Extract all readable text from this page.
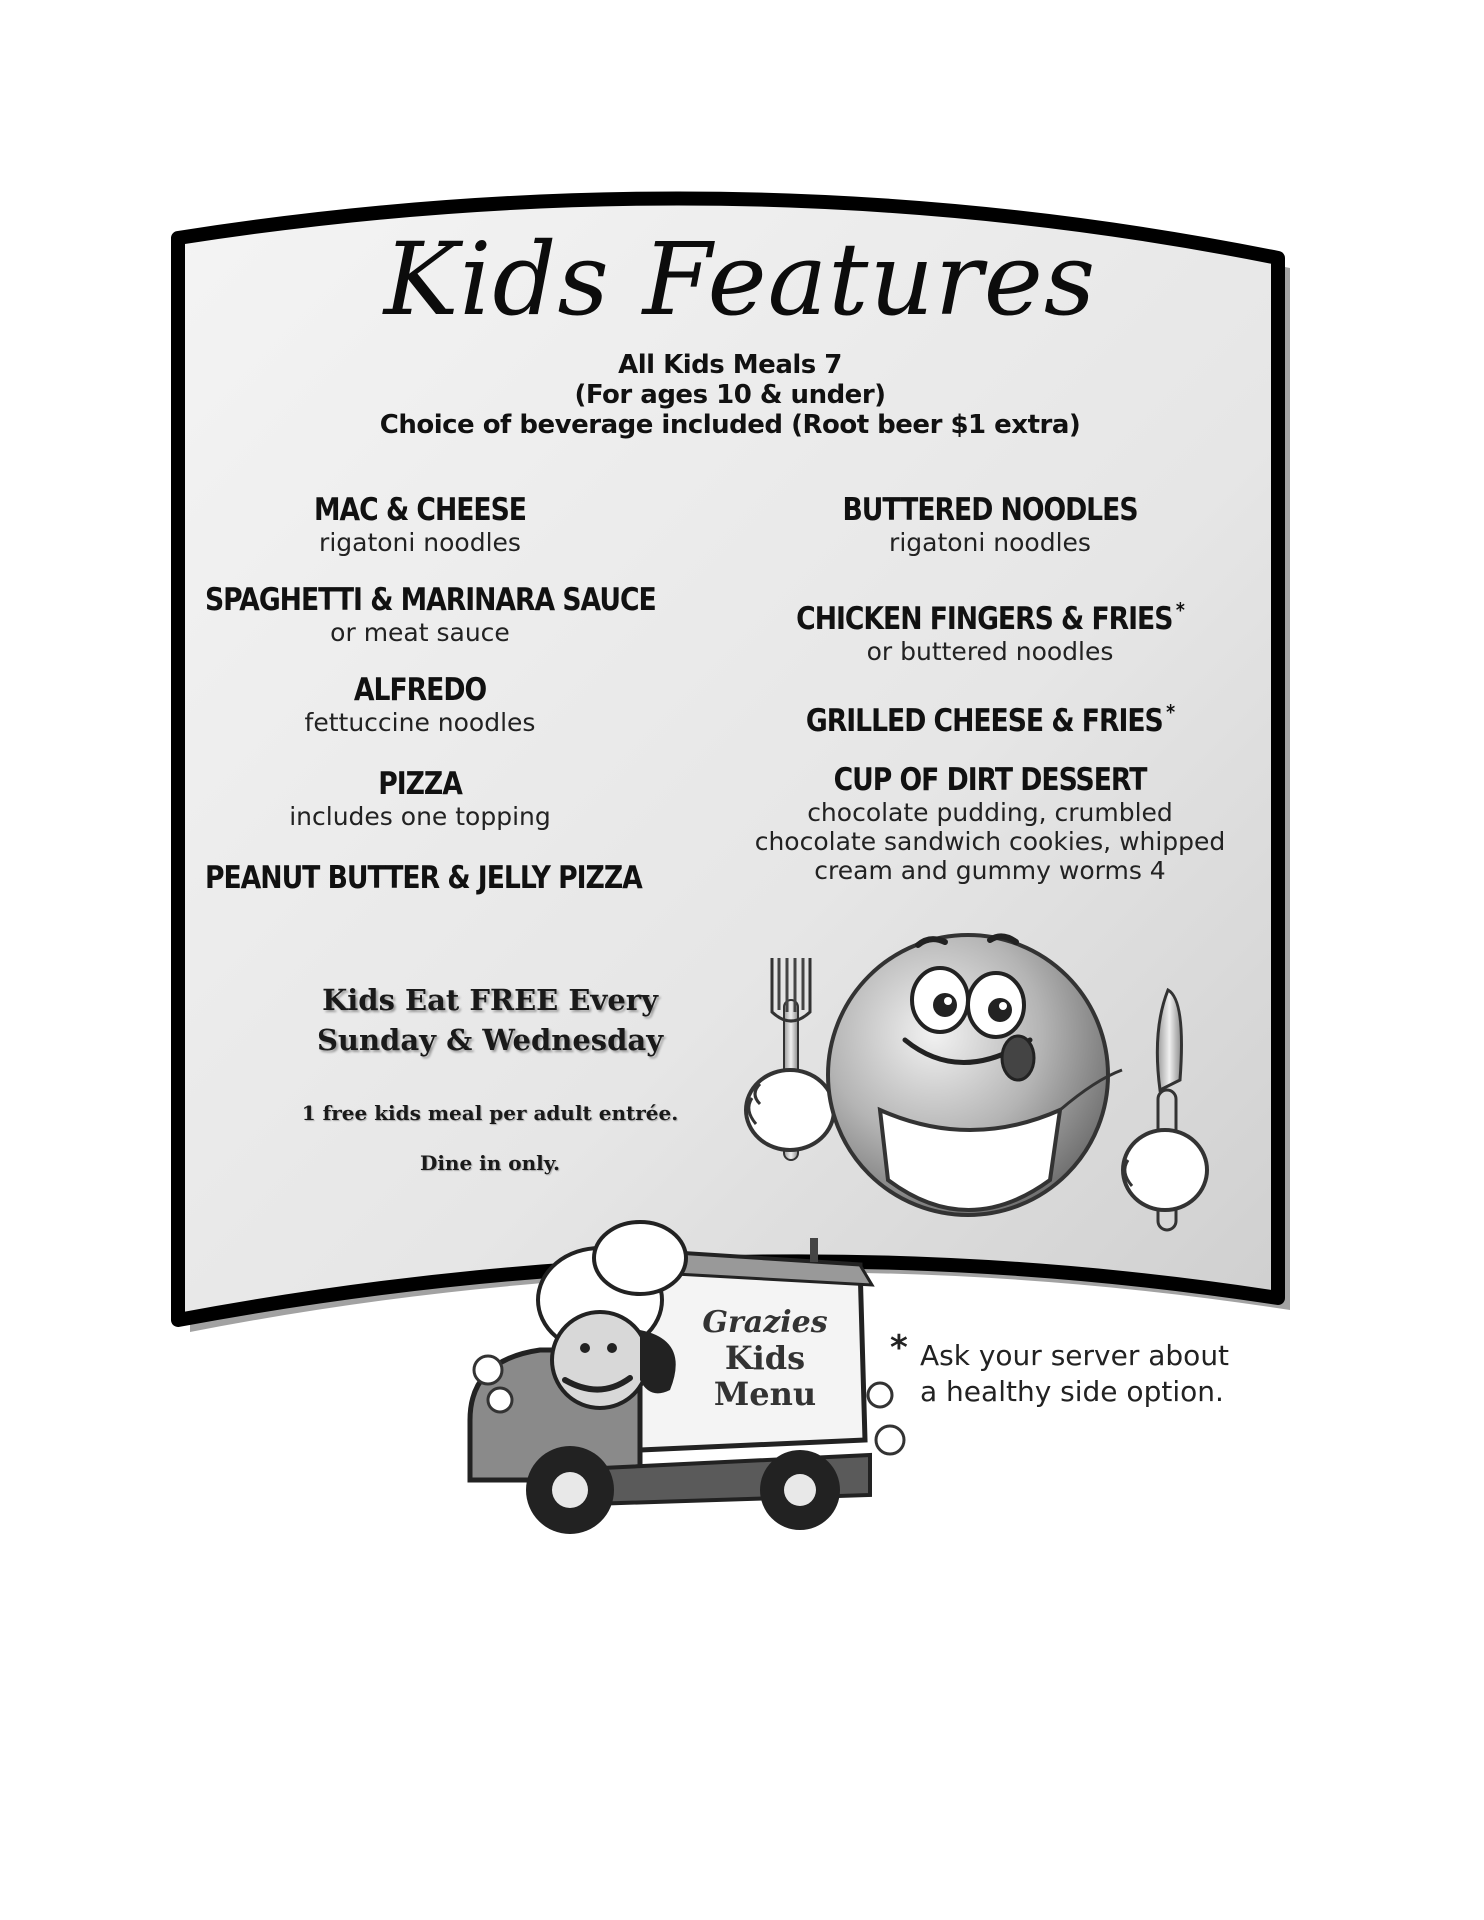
Kids Features
All Kids Meals 7
(For ages 10 & under)
Choice of beverage included (Root beer $1 extra)
MAC & CHEESE
rigatoni noodles
SPAGHETTI & MARINARA SAUCE
or meat sauce
ALFREDO
fettuccine noodles
PIZZA
includes one topping
PEANUT BUTTER & JELLY PIZZA
BUTTERED NOODLES
rigatoni noodles
CHICKEN FINGERS & FRIES *
or buttered noodles
GRILLED CHEESE & FRIES *
CUP OF DIRT DESSERT
chocolate pudding, crumbled
chocolate sandwich cookies, whipped
cream and gummy worms 4
Kids Eat FREE Every
Sunday & Wednesday
1 free kids meal per adult entrée.
Dine in only.
Grazies
Kids
Menu
* Ask your server about
a healthy side option.
